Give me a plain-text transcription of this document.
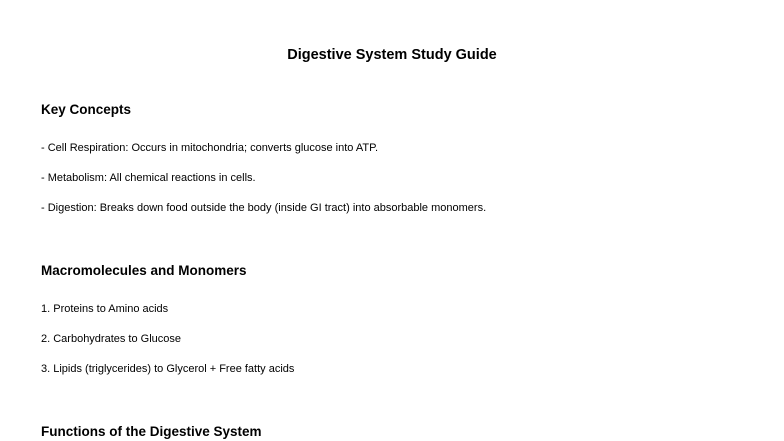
Digestive System Study Guide
Key Concepts
- Cell Respiration: Occurs in mitochondria; converts glucose into ATP.
- Metabolism: All chemical reactions in cells.
- Digestion: Breaks down food outside the body (inside GI tract) into absorbable monomers.
Macromolecules and Monomers
1. Proteins to Amino acids
2. Carbohydrates to Glucose
3. Lipids (triglycerides) to Glycerol + Free fatty acids
Functions of the Digestive System
